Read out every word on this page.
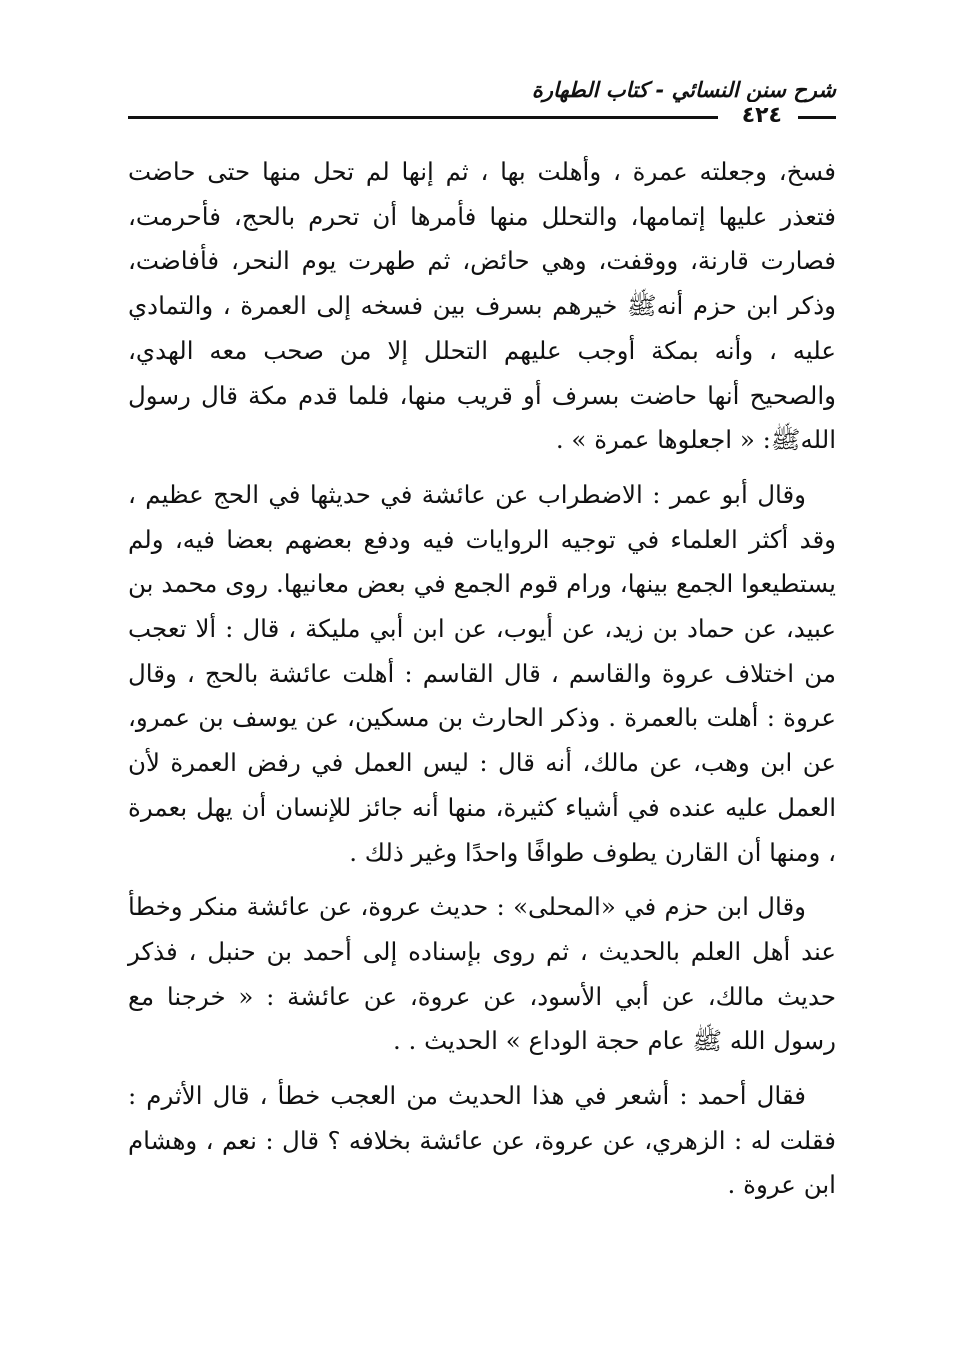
شرح سنن النسائي - كتاب الطهارة
٤٢٤

فسخ، وجعلته عمرة ، وأهلت بها ، ثم إنها لم تحل منها حتى حاضت فتعذر عليها إتمامها، والتحلل منها فأمرها أن تحرم بالحج، فأحرمت، فصارت قارنة، ووقفت، وهي حائض، ثم طهرت يوم النحر، فأفاضت، وذكر ابن حزم أنهﷺ خيرهم بسرف بين فسخه إلى العمرة ، والتمادي عليه ، وأنه بمكة أوجب عليهم التحلل إلا من صحب معه الهدي، والصحيح أنها حاضت بسرف أو قريب منها، فلما قدم مكة قال رسول اللهﷺ: « اجعلوها عمرة » .

وقال أبو عمر : الاضطراب عن عائشة في حديثها في الحج عظيم ، وقد أكثر العلماء في توجيه الروايات فيه ودفع بعضهم بعضا فيه، ولم يستطيعوا الجمع بينها، ورام قوم الجمع في بعض معانيها. روى محمد بن عبيد، عن حماد بن زيد، عن أيوب، عن ابن أبي مليكة ، قال : ألا تعجب من اختلاف عروة والقاسم ، قال القاسم : أهلت عائشة بالحج ، وقال عروة : أهلت بالعمرة . وذكر الحارث بن مسكين، عن يوسف بن عمرو، عن ابن وهب، عن مالك، أنه قال : ليس العمل في رفض العمرة لأن العمل عليه عنده في أشياء كثيرة، منها أنه جائز للإنسان أن يهل بعمرة ، ومنها أن القارن يطوف طوافًا واحدًا وغير ذلك .

وقال ابن حزم في «المحلى» : حديث عروة، عن عائشة منكر وخطأ عند أهل العلم بالحديث ، ثم روى بإسناده إلى أحمد بن حنبل ، فذكر حديث مالك، عن أبي الأسود، عن عروة، عن عائشة : « خرجنا مع رسول الله ﷺ عام حجة الوداع » الحديث . .

فقال أحمد : أشعر في هذا الحديث من العجب خطأ ، قال الأثرم : فقلت له : الزهري، عن عروة، عن عائشة بخلافه ؟ قال : نعم ، وهشام ابن عروة .
